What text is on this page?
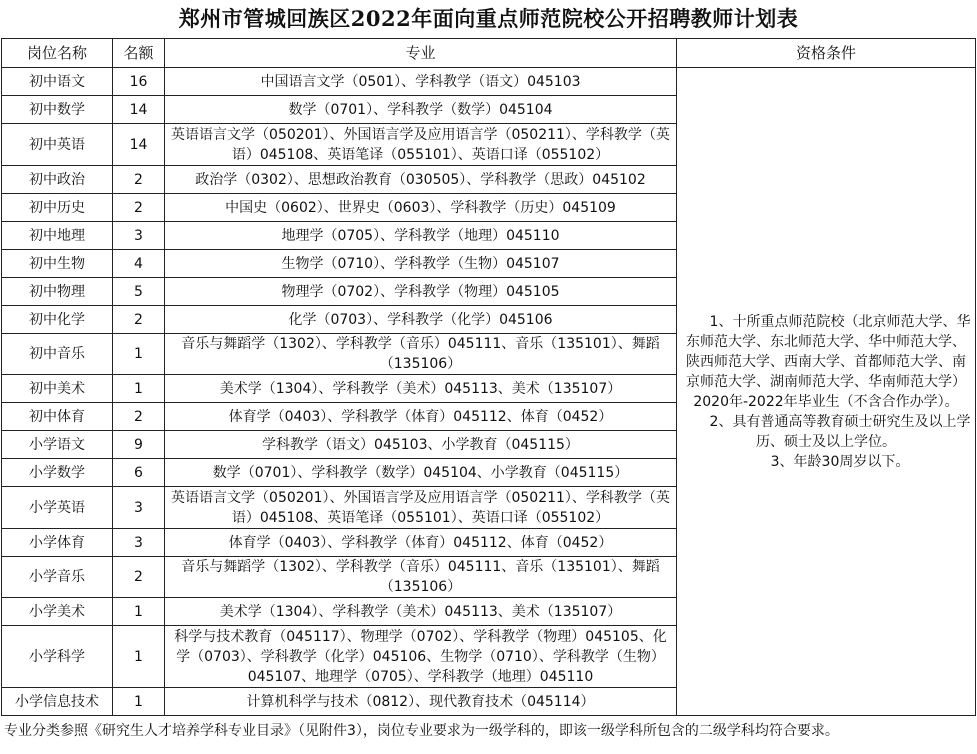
郑州市管城回族区2022年面向重点师范院校公开招聘教师计划表
岗位名称	名额	专业	资格条件
初中语文	16	中国语言文学（0501）、学科教学（语文）045103	1、十所重点师范院校（北京师范大学、华东师范大学、东北师范大学、华中师范大学、陕西师范大学、西南大学、首都师范大学、南京师范大学、湖南师范大学、华南师范大学）2020年-2022年毕业生（不含合作办学）。
2、具有普通高等教育硕士研究生及以上学历、硕士及以上学位。
3、年龄30周岁以下。

初中数学	14	数学（0701）、学科教学（数学）045104	
初中英语	14	英语语言文学（050201）、外国语言学及应用语言学（050211）、学科教学（英语）045108、英语笔译（055101）、英语口译（055102）	
初中政治	2	政治学（0302）、思想政治教育（030505）、学科教学（思政）045102	
初中历史	2	中国史（0602）、世界史（0603）、学科教学（历史）045109	
初中地理	3	地理学（0705）、学科教学（地理）045110	
初中生物	4	生物学（0710）、学科教学（生物）045107	
初中物理	5	物理学（0702）、学科教学（物理）045105	
初中化学	2	化学（0703）、学科教学（化学）045106	
初中音乐	1	音乐与舞蹈学（1302）、学科教学（音乐）045111、音乐（135101）、舞蹈（135106）	
初中美术	1	美术学（1304）、学科教学（美术）045113、美术（135107）	
初中体育	2	体育学（0403）、学科教学（体育）045112、体育（0452）	
小学语文	9	学科教学（语文）045103、小学教育（045115）	
小学数学	6	数学（0701）、学科教学（数学）045104、小学教育（045115）	
小学英语	3	英语语言文学（050201）、外国语言学及应用语言学（050211）、学科教学（英语）045108、英语笔译（055101）、英语口译（055102）	
小学体育	3	体育学（0403）、学科教学（体育）045112、体育（0452）	
小学音乐	2	音乐与舞蹈学（1302）、学科教学（音乐）045111、音乐（135101）、舞蹈（135106）	
小学美术	1	美术学（1304）、学科教学（美术）045113、美术（135107）	
小学科学	1	科学与技术教育（045117）、物理学（0702）、学科教学（物理）045105、化学（0703）、学科教学（化学）045106、生物学（0710）、学科教学（生物）045107、地理学（0705）、学科教学（地理）045110	
小学信息技术	1	计算机科学与技术（0812）、现代教育技术（045114）	
专业分类参照《研究生人才培养学科专业目录》（见附件3），岗位专业要求为一级学科的，即该一级学科所包含的二级学科均符合要求。
